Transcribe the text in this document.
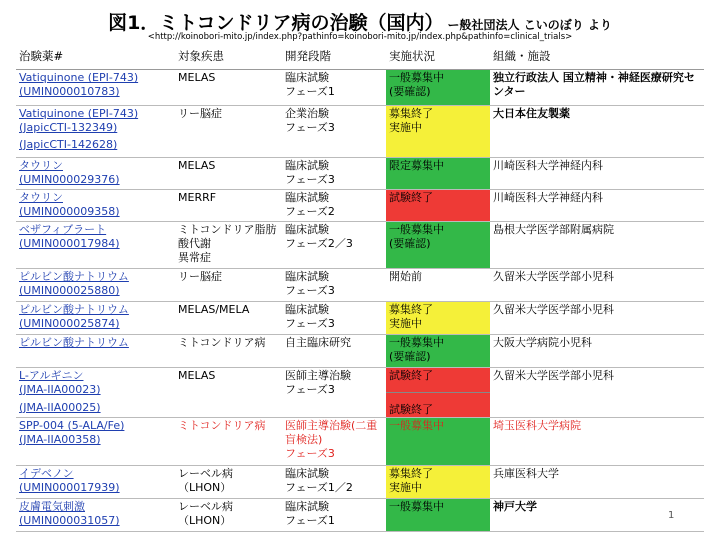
図1．ミトコンドリア病の治験（国内） ー般社団法人 こいのぼり より
<http://koinobori-mito.jp/index.php?pathinfo=koinobori-mito.jp/index.php&pathinfo=clinical_trials>
治験薬#	対象疾患	開発段階	実施状況	組織・施設

Vatiquinone (EPI-743)
(UMIN000010783)	MELAS	臨床試験
フェーズ1	一般募集中
(要確認)	独立行政法人 国立精神・神経医療研究センター

Vatiquinone (EPI-743)
(JapicCTI-132349)
(JapicCTI-142628)	リー脳症	企業治験
フェーズ3	募集終了
実施中	大日本住友製薬

タウリン
(UMIN000029376)	MELAS	臨床試験
フェーズ3	限定募集中	川崎医科大学神経内科

タウリン
(UMIN000009358)	MERRF	臨床試験
フェーズ2	試験終了	川崎医科大学神経内科

ベザフィブラート
(UMIN000017984)	ミトコンドリア脂肪酸代謝
異常症	臨床試験
フェーズ2／3	一般募集中
(要確認)	島根大学医学部附属病院

ピルビン酸ナトリウム
(UMIN000025880)	リー脳症	臨床試験
フェーズ3	開始前	久留米大学医学部小児科

ピルビン酸ナトリウム
(UMIN000025874)	MELAS/MELA	臨床試験
フェーズ3	募集終了
実施中	久留米大学医学部小児科

ピルビン酸ナトリウム	ミトコンドリア病	自主臨床研究	一般募集中
(要確認)	大阪大学病院小児科

L-アルギニン
(JMA-IIA00023)
(JMA-IIA00025)	MELAS	医師主導治験
フェーズ3	試験終了	久留米大学医学部小児科
			試験終了	

SPP-004 (5-ALA/Fe)
(JMA-IIA00358)	ミトコンドリア病	医師主導治験(二重盲検法)
フェーズ3	一般募集中	埼玉医科大学病院

イデベノン
(UMIN000017939)	レーベル病
（LHON）	臨床試験
フェーズ1／2	募集終了
実施中	兵庫医科大学

皮膚電気刺激
(UMIN000031057)	レーベル病
（LHON）	臨床試験
フェーズ1	一般募集中	神戸大学
1
